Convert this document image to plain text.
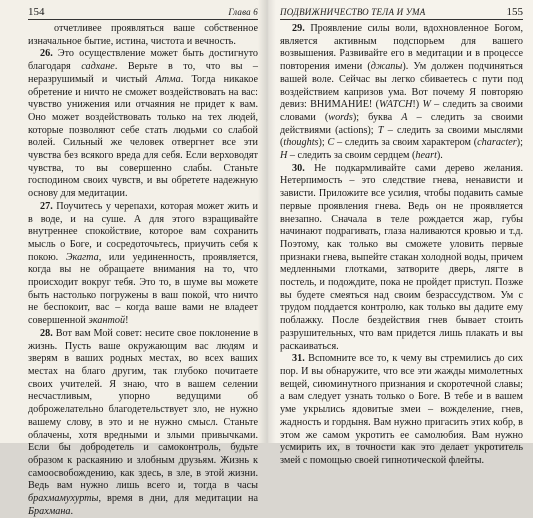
154	Глава 6

отчетливее проявляться ваше собственное изначальное бытие, истина, чистота и вечность.

26. Это осуществление может быть достигнуто благодаря садхане. Верьте в то, что вы – неразрушимый и чистый Атма. Тогда никакое обретение и ничто не сможет воздействовать на вас: чувство унижения или отчаяния не придет к вам. Оно может воздействовать только на тех людей, которые позволяют себе стать людьми со слабой волей. Сильный же человек отвергнет все эти чувства без всякого вреда для себя. Если верховодят чувства, то вы совершенно слабы. Станьте господином своих чувств, и вы обретете надежную основу для медитации.

27. Поучитесь у черепахи, которая может жить и в воде, и на суше. А для этого взращивайте внутреннее спокойствие, которое вам сохранить мысль о Боге, и сосредоточьтесь, приучить себя к покою. Экагта, или уединенность, проявляется, когда вы не обращаете внимания на то, что происходит вокруг тебя. Это то, в шуме вы можете быть настолько погружены в ваш покой, что ничто не беспокоит, вас – когда ваше вами не владеет совершенной экантой!

28. Вот вам Мой совет: несите свое поклонение в жизнь. Пусть ваше окружающим вас людям и зверям в ваших родных местах, во всех ваших местах на благо другим, так глубоко почитаете своих учителей. Я знаю, что в вашем селении несчастливым, упорно ведущими об доброжелательно благодетельствует зло, не нужно вашему слову, в это и не нужно смысл. Станьте облачены, хотя вредными и злыми привычками. Если бы добродетель и самоконтроль, будьте образом к раскаянию и злобным друзьям. Жизнь к самоосвобождению, как здесь, в зле, в этой жизни. Ведь вам нужно лишь всего и, тогда в часы брахмамухурты, время в дни, для медитации на Брахмана.

ПОДВИЖНИЧЕСТВО ТЕЛА И УМА	155

29. Проявление силы воли, вдохновленное Богом, является активным подспорьем для вашего возвышения. Развивайте его в медитации и в процессе повторения имени (джапы). Ум должен подчиняться вашей воле. Сейчас вы легко сбиваетесь с пути под воздействием капризов ума. Вот почему Я повторяю девиз: ВНИМАНИЕ! (WATCH!) W – следить за своими словами (words); буква A – следить за своими действиями (actions); T – следить за своими мыслями (thoughts); C – следить за своим характером (character); H – следить за своим сердцем (heart).

30. Не подкармливайте сами дерево желания. Нетерпимость – это следствие гнева, ненависти и зависти. Приложите все усилия, чтобы подавить самые первые проявления гнева. Ведь он не проявляется внезапно. Сначала в теле рождается жар, губы начинают подрагивать, глаза наливаются кровью и т.д. Поэтому, как только вы сможете уловить первые признаки гнева, выпейте стакан холодной воды, причем медленными глотками, затворите дверь, лягте в постель, и подождите, пока не пройдет приступ. Позже вы будете смеяться над своим безрассудством. Ум с трудом поддается контролю, как только вы дадите ему поблажку. После бездействия гнев бывает стоить разрушительных, что вам придется лишь плакать и вы раскаиваться.

31. Вспомните все то, к чему вы стремились до сих пор. И вы обнаружите, что все эти жажды мимолетных вещей, сиюминутного признания и скоротечной славы; а вам следует узнать только о Боге. В тебе и в вашем уме укрылись ядовитые змеи – вожделение, гнев, жадность и гордыня. Вам нужно пригасить этих кобр, в этом же самом укротить ее самолюбия. Вам нужно усмирить их, в точности как это делает укротитель змей с помощью своей гипнотической флейты.
